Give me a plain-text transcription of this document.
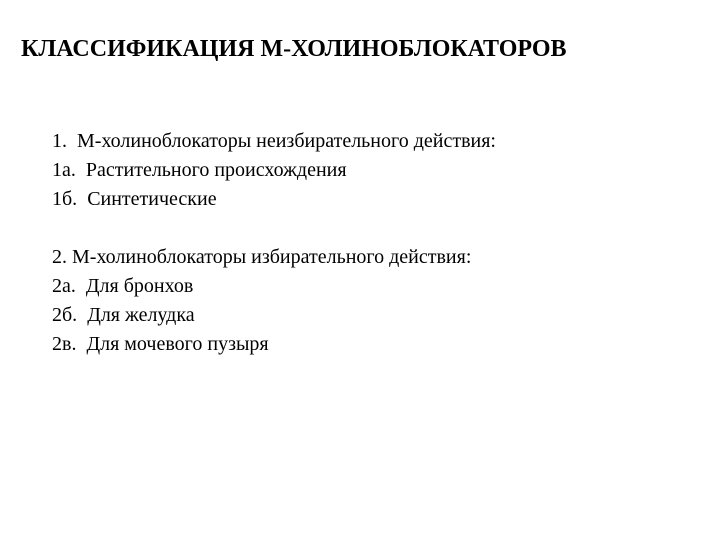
КЛАССИФИКАЦИЯ М-ХОЛИНОБЛОКАТОРОВ
1. М-холиноблокаторы неизбирательного действия:
1а. Растительного происхождения
1б. Синтетические
2. М-холиноблокаторы избирательного действия:
2а. Для бронхов
2б. Для желудка
2в. Для мочевого пузыря
